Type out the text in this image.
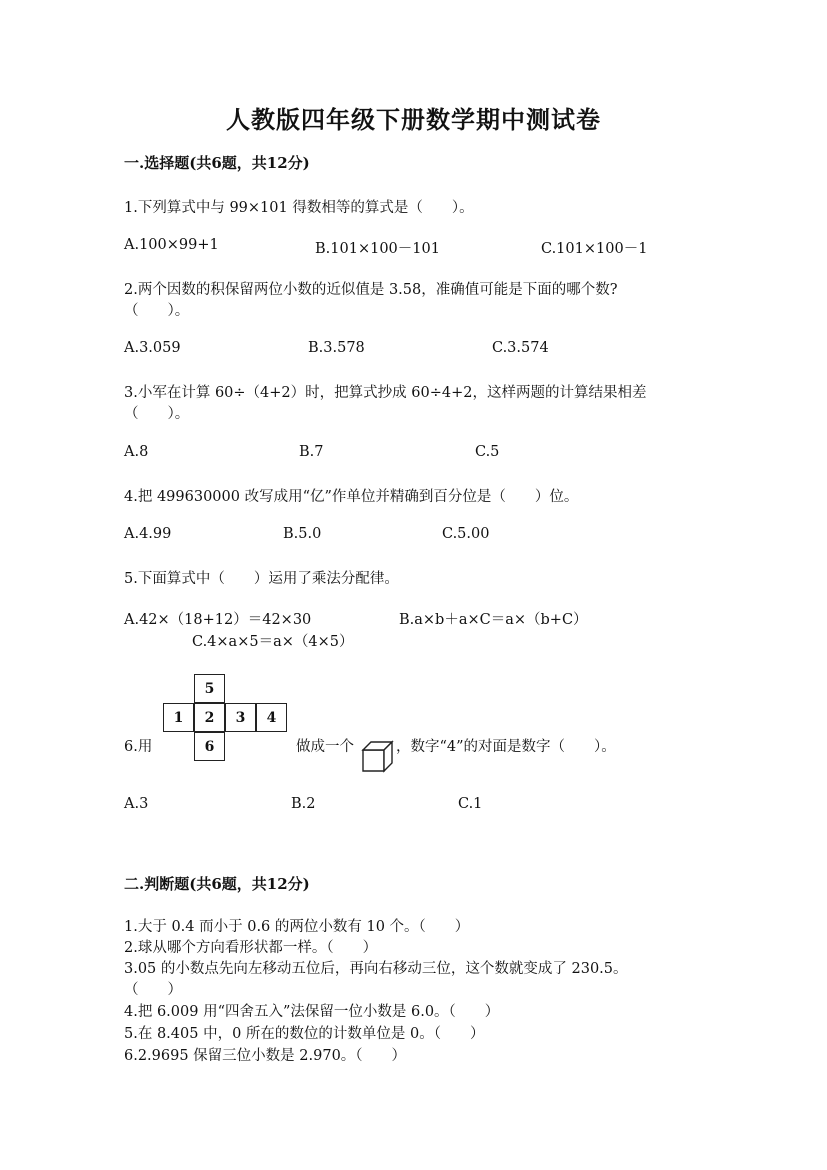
人教版四年级下册数学期中测试卷
一.选择题(共6题，共12分)
1.下列算式中与 99×101 得数相等的算式是（　　）。
A.100×99+1	B.101×100－101	C.101×100－1
2.两个因数的积保留两位小数的近似值是 3.58，准确值可能是下面的哪个数?
（　　）。
A.3.059	B.3.578	C.3.574
3.小军在计算 60÷（4+2）时，把算式抄成 60÷4+2，这样两题的计算结果相差
（　　）。
A.8	B.7	C.5
4.把 499630000 改写成用“亿”作单位并精确到百分位是（　　）位。
A.4.99	B.5.0	C.5.00
5.下面算式中（　　）运用了乘法分配律。
A.42×（18+12）＝42×30	B.a×b＋a×C＝a×（b+C）
C.4×a×5＝a×（4×5）
6.用
5
1	2	3	4
6	做成一个	，数字“4”的对面是数字（　　）。
A.3	B.2	C.1
二.判断题(共6题，共12分)
1.大于 0.4 而小于 0.6 的两位小数有 10 个。（　　）
2.球从哪个方向看形状都一样。（　　）
3.05 的小数点先向左移动五位后，再向右移动三位，这个数就变成了 230.5。
（　　）
4.把 6.009 用“四舍五入”法保留一位小数是 6.0。（　　）
5.在 8.405 中，0 所在的数位的计数单位是 0。（　　）
6.2.9695 保留三位小数是 2.970。（　　）
